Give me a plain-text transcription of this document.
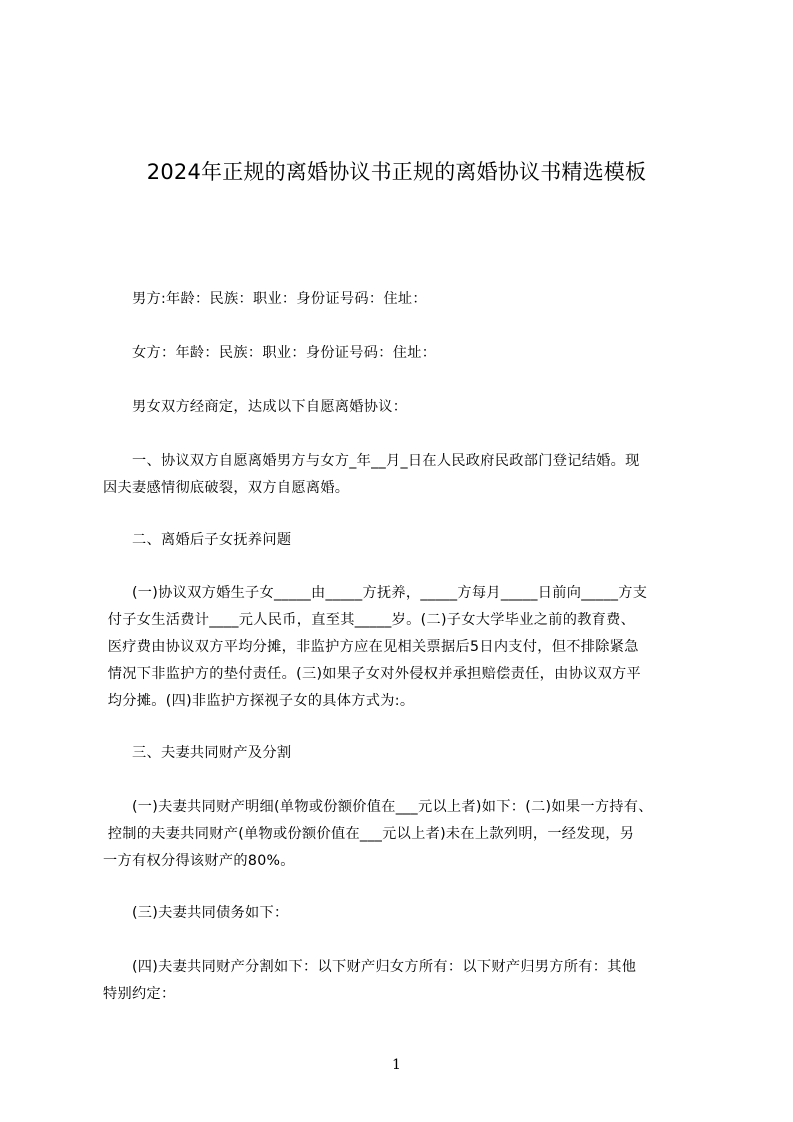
2024年正规的离婚协议书正规的离婚协议书精选模板
　　男方:年龄：民族：职业：身份证号码：住址：
　　女方：年龄：民族：职业：身份证号码：住址：
　　男女双方经商定，达成以下自愿离婚协议：
　　一、协议双方自愿离婚男方与女方_年__月_日在人民政府民政部门登记结婚。现
因夫妻感情彻底破裂，双方自愿离婚。
　　二、离婚后子女抚养问题
　　(一)协议双方婚生子女_____由_____方抚养，_____方每月_____日前向_____方支
付子女生活费计____元人民币，直至其_____岁。(二)子女大学毕业之前的教育费、
医疗费由协议双方平均分摊，非监护方应在见相关票据后5日内支付，但不排除紧急
情况下非监护方的垫付责任。(三)如果子女对外侵权并承担赔偿责任，由协议双方平
均分摊。(四)非监护方探视子女的具体方式为:。
　　三、夫妻共同财产及分割
　　(一)夫妻共同财产明细(单物或份额价值在___元以上者)如下：(二)如果一方持有、
控制的夫妻共同财产(单物或份额价值在___元以上者)未在上款列明，一经发现，另
一方有权分得该财产的80%。
　　(三)夫妻共同债务如下：
　　(四)夫妻共同财产分割如下：以下财产归女方所有：以下财产归男方所有：其他
特别约定：
1
